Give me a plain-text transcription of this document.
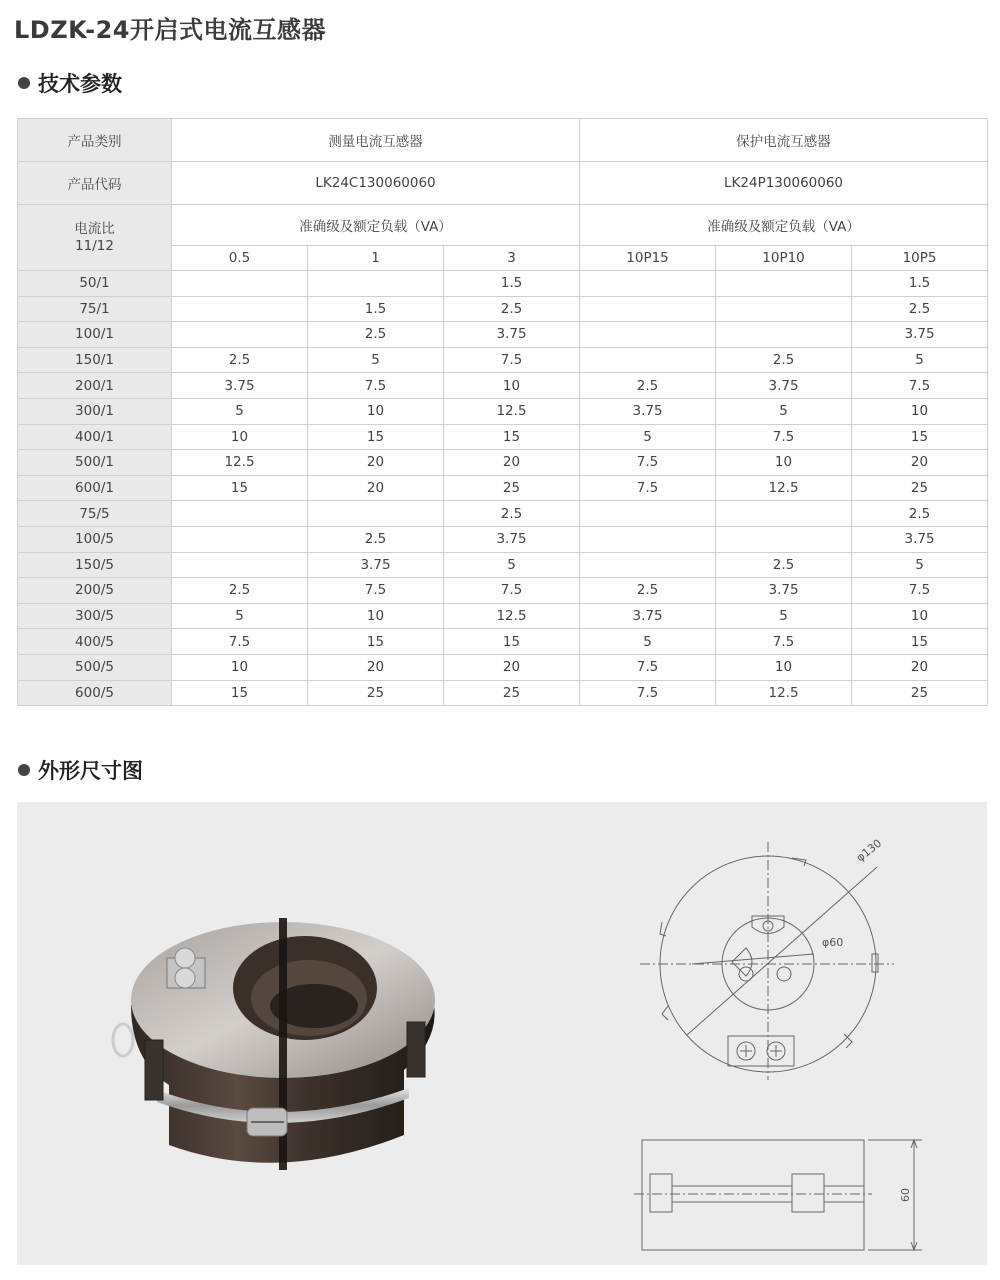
LDZK-24开启式电流互感器
技术参数
产品类别	测量电流互感器			保护电流互感器		
产品代码	LK24C130060060			LK24P130060060		

电流比
11/12	准确级及额定负载（VA）			准确级及额定负载（VA）		
	0.5	1	3	10P15	10P10	10P5
50/1			1.5			1.5
75/1		1.5	2.5			2.5
100/1		2.5	3.75			3.75
150/1	2.5	5	7.5		2.5	5
200/1	3.75	7.5	10	2.5	3.75	7.5
300/1	5	10	12.5	3.75	5	10
400/1	10	15	15	5	7.5	15
500/1	12.5	20	20	7.5	10	20
600/1	15	20	25	7.5	12.5	25
75/5			2.5			2.5
100/5		2.5	3.75			3.75
150/5		3.75	5		2.5	5
200/5	2.5	7.5	7.5	2.5	3.75	7.5
300/5	5	10	12.5	3.75	5	10
400/5	7.5	15	15	5	7.5	15
500/5	10	20	20	7.5	10	20
600/5	15	25	25	7.5	12.5	25
外形尺寸图
φ130
φ60
60
